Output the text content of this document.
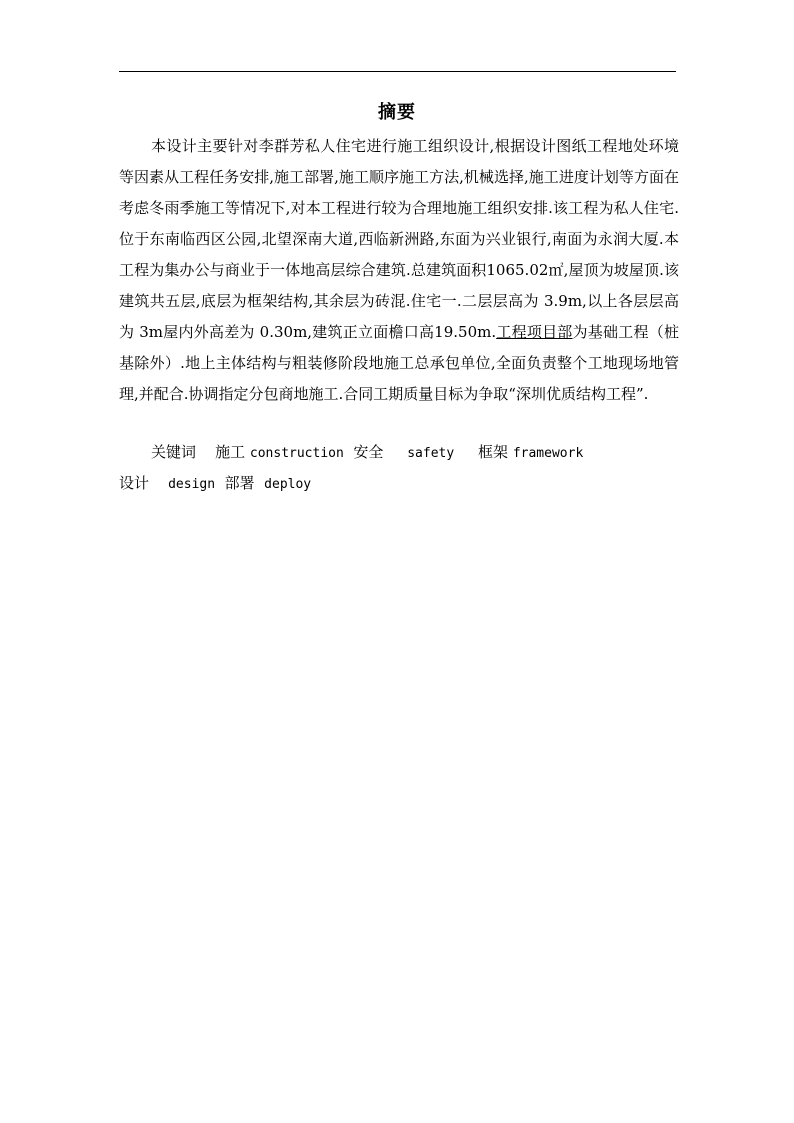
摘要

本设计主要针对李群芳私人住宅进行施工组织设计,根据设计图纸工程地处环境等因素从工程任务安排,施工部署,施工顺序施工方法,机械选择,施工进度计划等方面在考虑冬雨季施工等情况下,对本工程进行较为合理地施工组织安排.该工程为私人住宅.位于东南临西区公园,北望深南大道,西临新洲路,东面为兴业银行,南面为永润大厦.本工程为集办公与商业于一体地高层综合建筑.总建筑面积1065.02㎡,屋顶为坡屋顶.该建筑共五层,底层为框架结构,其余层为砖混.住宅一.二层层高为 3.9m,以上各层层高为 3m屋内外高差为 0.30m,建筑正立面檐口高19.50m.工程项目部为基础工程（桩基除外）.地上主体结构与粗装修阶段地施工总承包单位,全面负责整个工地现场地管理,并配合.协调指定分包商地施工.合同工期质量目标为争取“深圳优质结构工程”.

关键词 施工 construction 安全 safety 框架 framework
设计 design 部署 deploy
